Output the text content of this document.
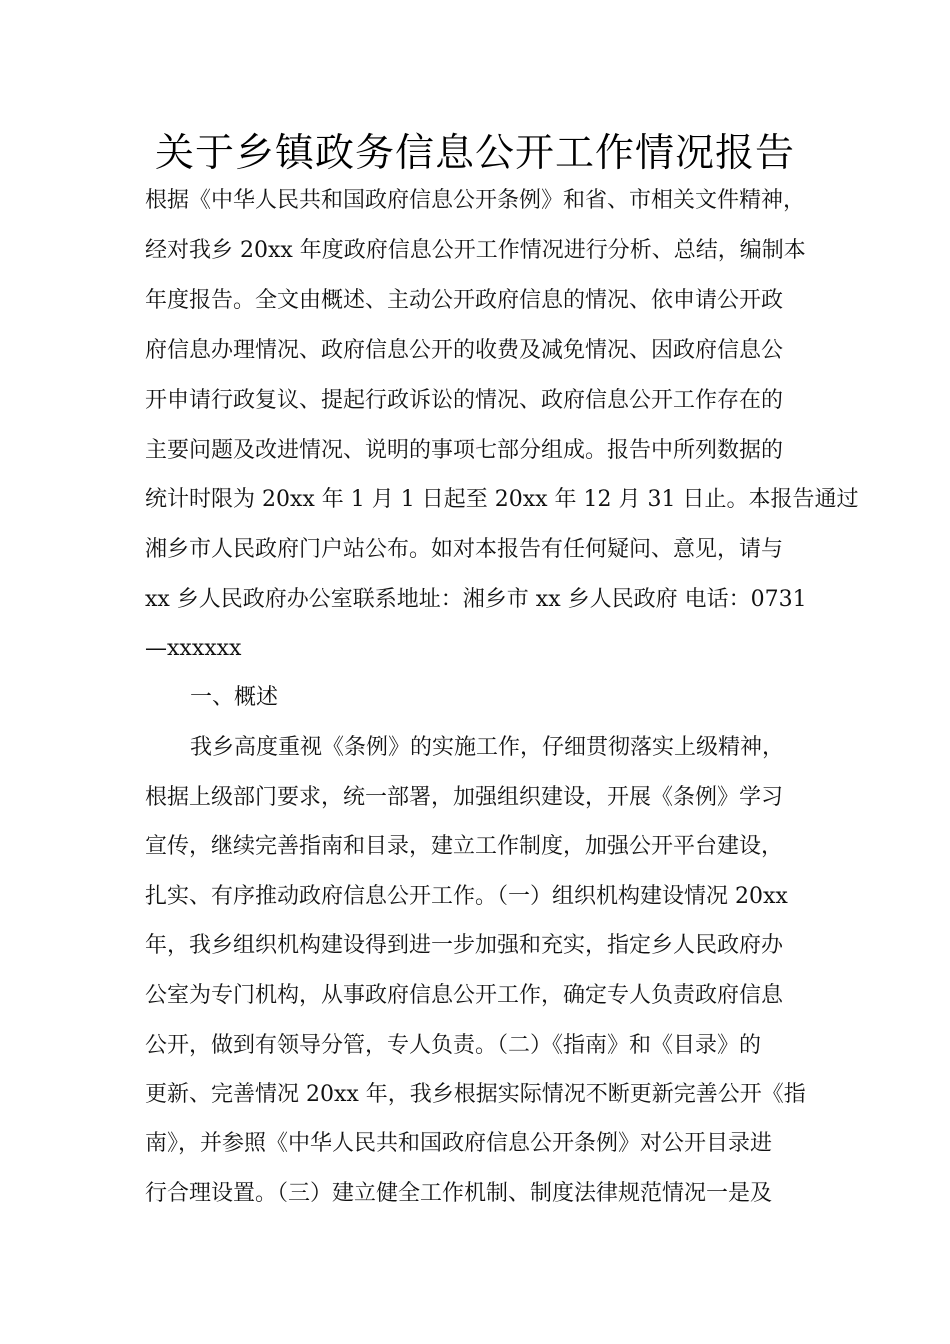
关于乡镇政务信息公开工作情况报告
根据《中华人民共和国政府信息公开条例》和省、市相关文件精神，
经对我乡 20xx 年度政府信息公开工作情况进行分析、总结，编制本
年度报告。全文由概述、主动公开政府信息的情况、依申请公开政
府信息办理情况、政府信息公开的收费及减免情况、因政府信息公
开申请行政复议、提起行政诉讼的情况、政府信息公开工作存在的
主要问题及改进情况、说明的事项七部分组成。报告中所列数据的
统计时限为 20xx 年 1 月 1 日起至 20xx 年 12 月 31 日止。本报告通过
湘乡市人民政府门户站公布。如对本报告有任何疑问、意见，请与
xx 乡人民政府办公室联系地址：湘乡市 xx 乡人民政府 电话：0731
—xxxxxx
一、概述
我乡高度重视《条例》的实施工作，仔细贯彻落实上级精神，
根据上级部门要求，统一部署，加强组织建设，开展《条例》学习
宣传，继续完善指南和目录，建立工作制度，加强公开平台建设，
扎实、有序推动政府信息公开工作。（一）组织机构建设情况 20xx
年，我乡组织机构建设得到进一步加强和充实，指定乡人民政府办
公室为专门机构，从事政府信息公开工作，确定专人负责政府信息
公开，做到有领导分管，专人负责。（二）《指南》和《目录》的
更新、完善情况 20xx 年，我乡根据实际情况不断更新完善公开《指
南》，并参照《中华人民共和国政府信息公开条例》对公开目录进
行合理设置。（三）建立健全工作机制、制度法律规范情况一是及
